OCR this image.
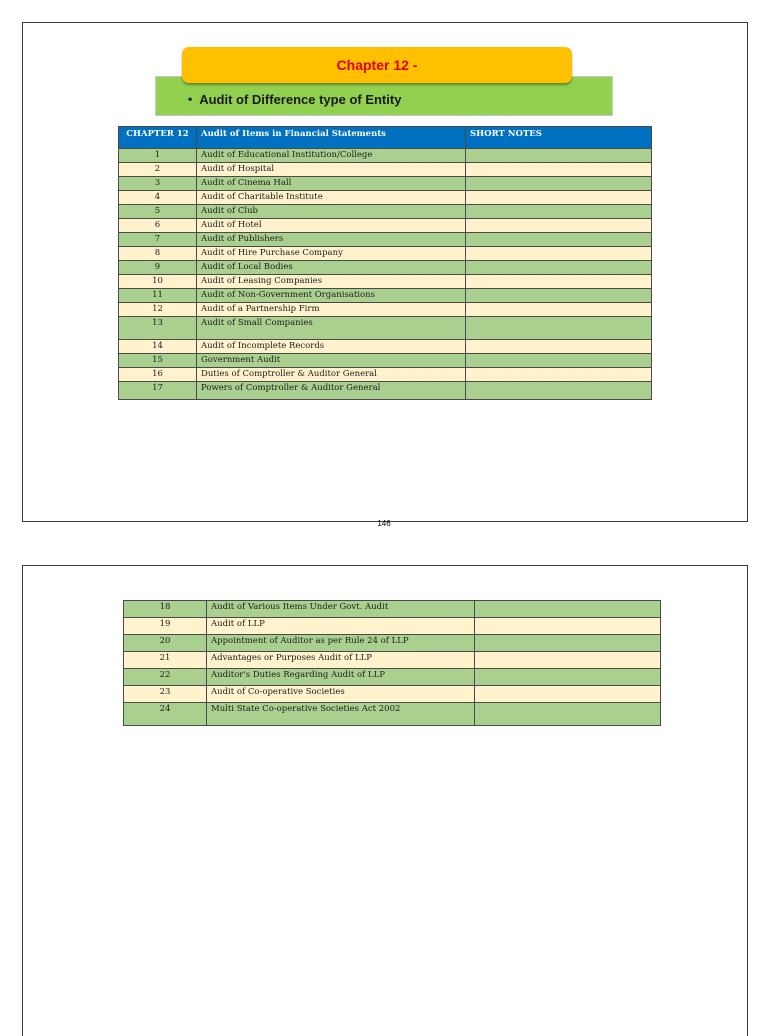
Chapter 12 -
• Audit of Difference type of Entity
CHAPTER 12	Audit of Items in Financial Statements	SHORT NOTES
1	Audit of Educational Institution/College	
2	Audit of Hospital	
3	Audit of Cinema Hall	
4	Audit of Charitable Institute	
5	Audit of Club	
6	Audit of Hotel	
7	Audit of Publishers	
8	Audit of Hire Purchase Company	
9	Audit of Local Bodies	
10	Audit of Leasing Companies	
11	Audit of Non-Government Organisations	
12	Audit of a Partnership Firm	
13	Audit of Small Companies	
14	Audit of Incomplete Records	
15	Government Audit	
16	Duties of Comptroller & Auditor General	
17	Powers of Comptroller & Auditor General	
146
18	Audit of Various Items Under Govt. Audit	
19	Audit of LLP	
20	Appointment of Auditor as per Rule 24 of LLP	
21	Advantages or Purposes Audit of LLP	
22	Auditor's Duties Regarding Audit of LLP	
23	Audit of Co-operative Societies	
24	Multi State Co-operative Societies Act 2002	
